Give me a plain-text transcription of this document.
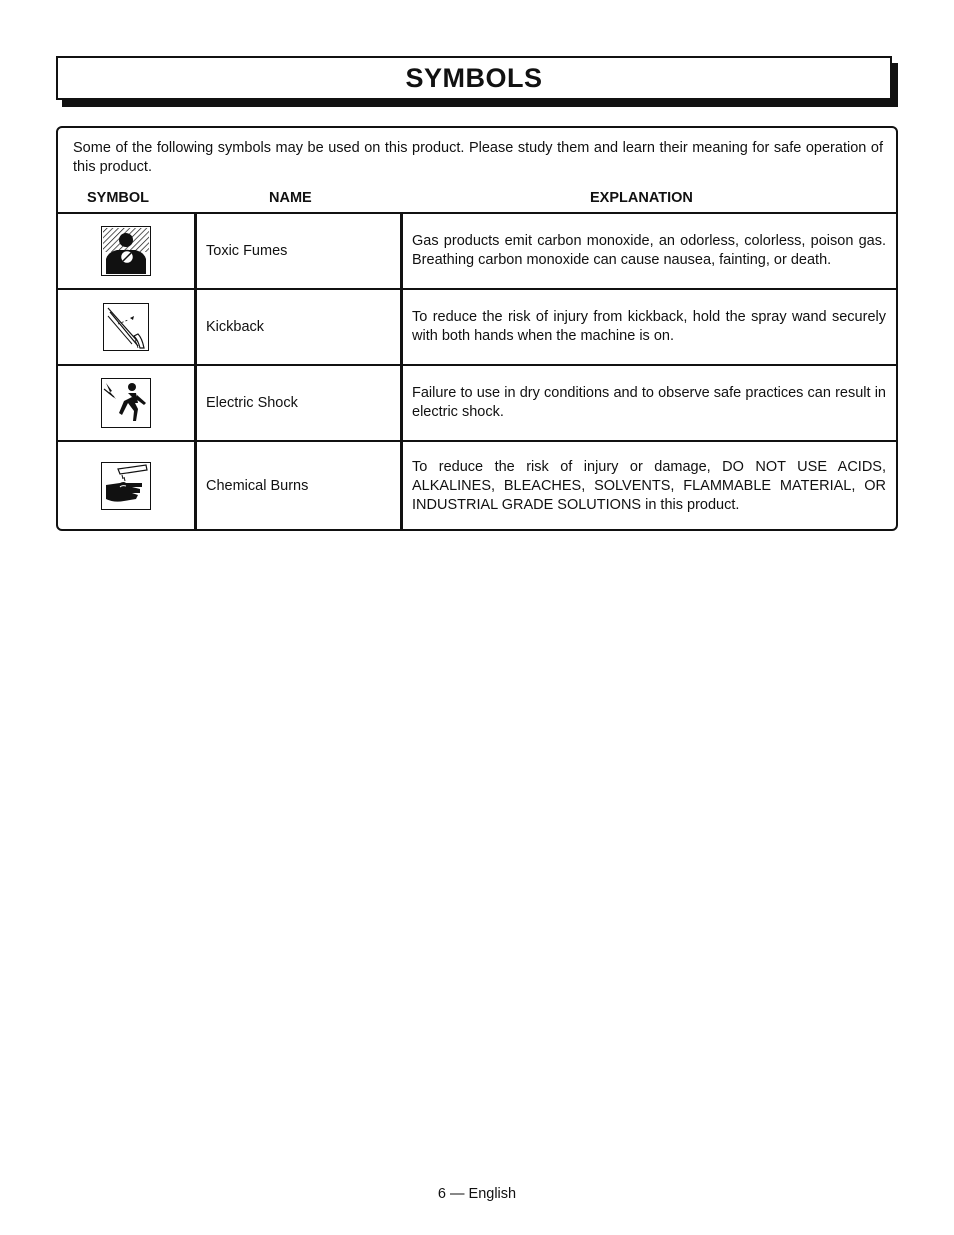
SYMBOLS
Some of the following symbols may be used on this product. Please study them and learn their meaning for safe operation of this product.
SYMBOL	NAME	EXPLANATION
Toxic Fumes
Gas products emit carbon monoxide, an odorless, colorless, poison gas. Breathing carbon monoxide can cause nausea, fainting, or death.
Kickback
To reduce the risk of injury from kickback, hold the spray wand securely with both hands when the machine is on.
Electric Shock
Failure to use in dry conditions and to observe safe practices can result in electric shock.
Chemical Burns
To reduce the risk of injury or damage, DO NOT USE ACIDS, ALKALINES, BLEACHES, SOLVENTS, FLAMMABLE MATERIAL, OR INDUSTRIAL GRADE SOLUTIONS in this product.
6 — English
